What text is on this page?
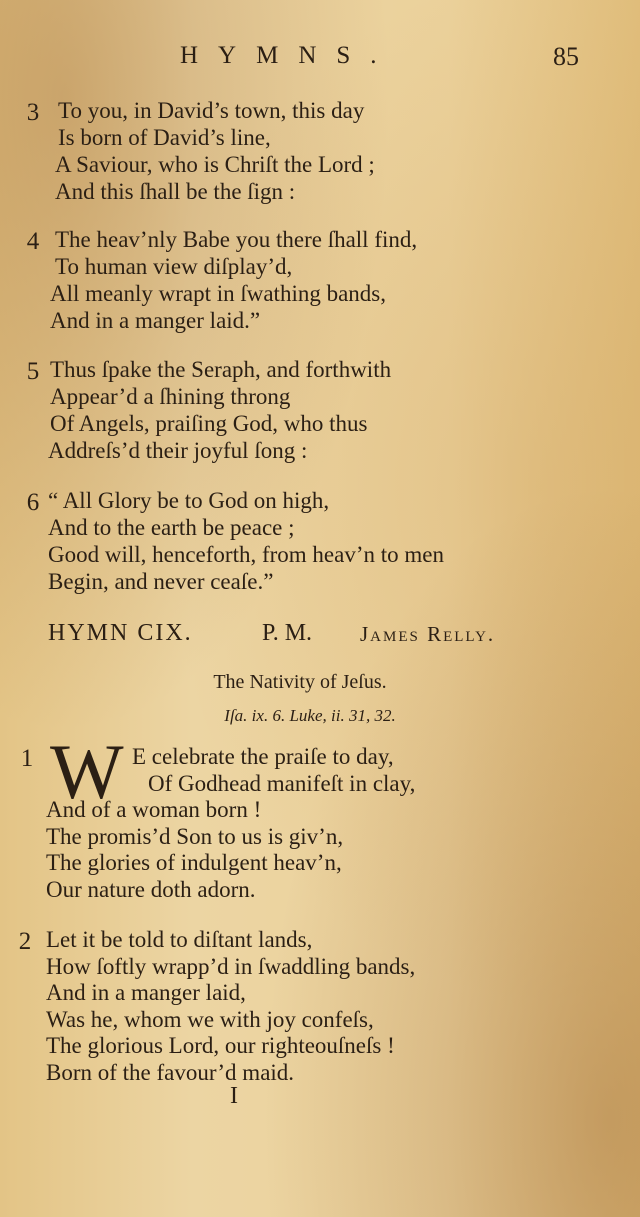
HYMNS.	85
3 To you, in David’s town, this day
Is born of David’s line,
A Saviour, who is Chriſt the Lord ;
And this ſhall be the ſign :
4 The heav’nly Babe you there ſhall find,
To human view diſplay’d,
All meanly wrapt in ſwathing bands,
And in a manger laid.”
5 Thus ſpake the Seraph, and forthwith
Appear’d a ſhining throng
Of Angels, praiſing God, who thus
Addreſs’d their joyful ſong :
6 “ All Glory be to God on high,
And to the earth be peace ;
Good will, henceforth, from heav’n to men
Begin, and never ceaſe.”
HYMN CIX.	P. M. James Relly.
The Nativity of Jeſus.
Iſa. ix. 6. Luke, ii. 31, 32.
1 W E celebrate the praiſe to day,
Of Godhead manifeſt in clay,
And of a woman born !
The promis’d Son to us is giv’n,
The glories of indulgent heav’n,
Our nature doth adorn.
2 Let it be told to diſtant lands,
How ſoftly wrapp’d in ſwaddling bands,
And in a manger laid,
Was he, whom we with joy confeſs,
The glorious Lord, our righteouſneſs !
Born of the favour’d maid.
I
